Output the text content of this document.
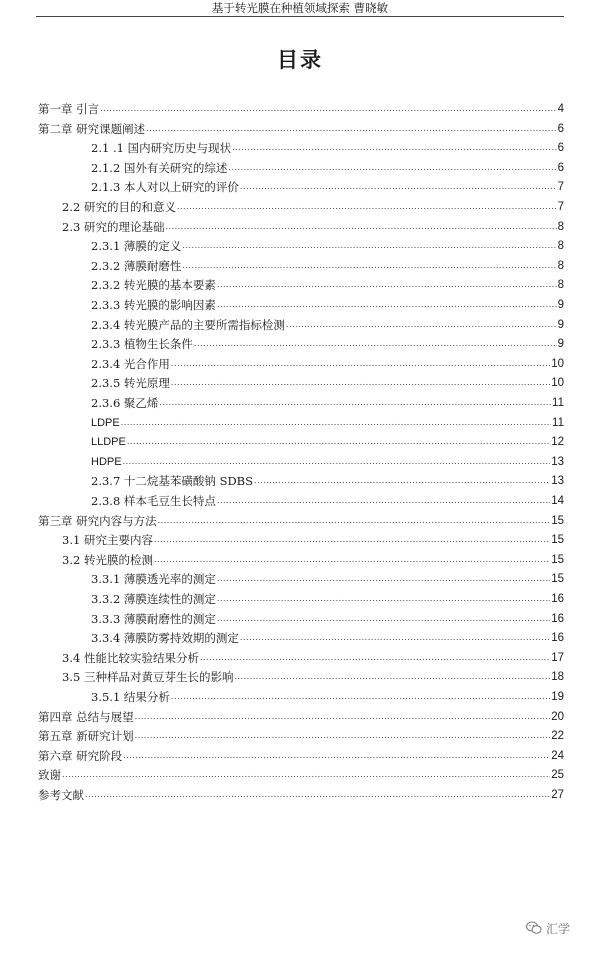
基于转光膜在种植领域探索 曹晓敏
目录
第一章 引言 .....	4
第二章 研究课题阐述 .....	6
2.1 .1 国内研究历史与现状 .....	6
2.1.2 国外有关研究的综述 .....	6
2.1.3 本人对以上研究的评价 .....	7
2.2 研究的目的和意义 .....	7
2.3 研究的理论基础 .....	8
2.3.1 薄膜的定义 .....	8
2.3.2 薄膜耐磨性 .....	8
2.3.2 转光膜的基本要素 .....	8
2.3.3 转光膜的影响因素 .....	9
2.3.4 转光膜产品的主要所需指标检测 .....	9
2.3.3 植物生长条件 .....	9
2.3.4 光合作用 .....	10
2.3.5 转光原理 .....	10
2.3.6 聚乙烯 .....	11
LDPE .....	11
LLDPE .....	12
HDPE .....	13
2.3.7 十二烷基苯磺酸钠 SDBS .....	13
2.3.8 样本毛豆生长特点 .....	14
第三章 研究内容与方法 .....	15
3.1 研究主要内容 .....	15
3.2 转光膜的检测 .....	15
3.3.1 薄膜透光率的测定 .....	15
3.3.2 薄膜连续性的测定 .....	16
3.3.3 薄膜耐磨性的测定 .....	16
3.3.4 薄膜防雾持效期的测定 .....	16
3.4 性能比较实验结果分析 .....	17
3.5 三种样品对黄豆芽生长的影响 .....	18
3.5.1 结果分析 .....	19
第四章 总结与展望 .....	20
第五章 新研究计划 .....	22
第六章 研究阶段 .....	24
致谢 .....	25
参考文献 .....	27
汇学
